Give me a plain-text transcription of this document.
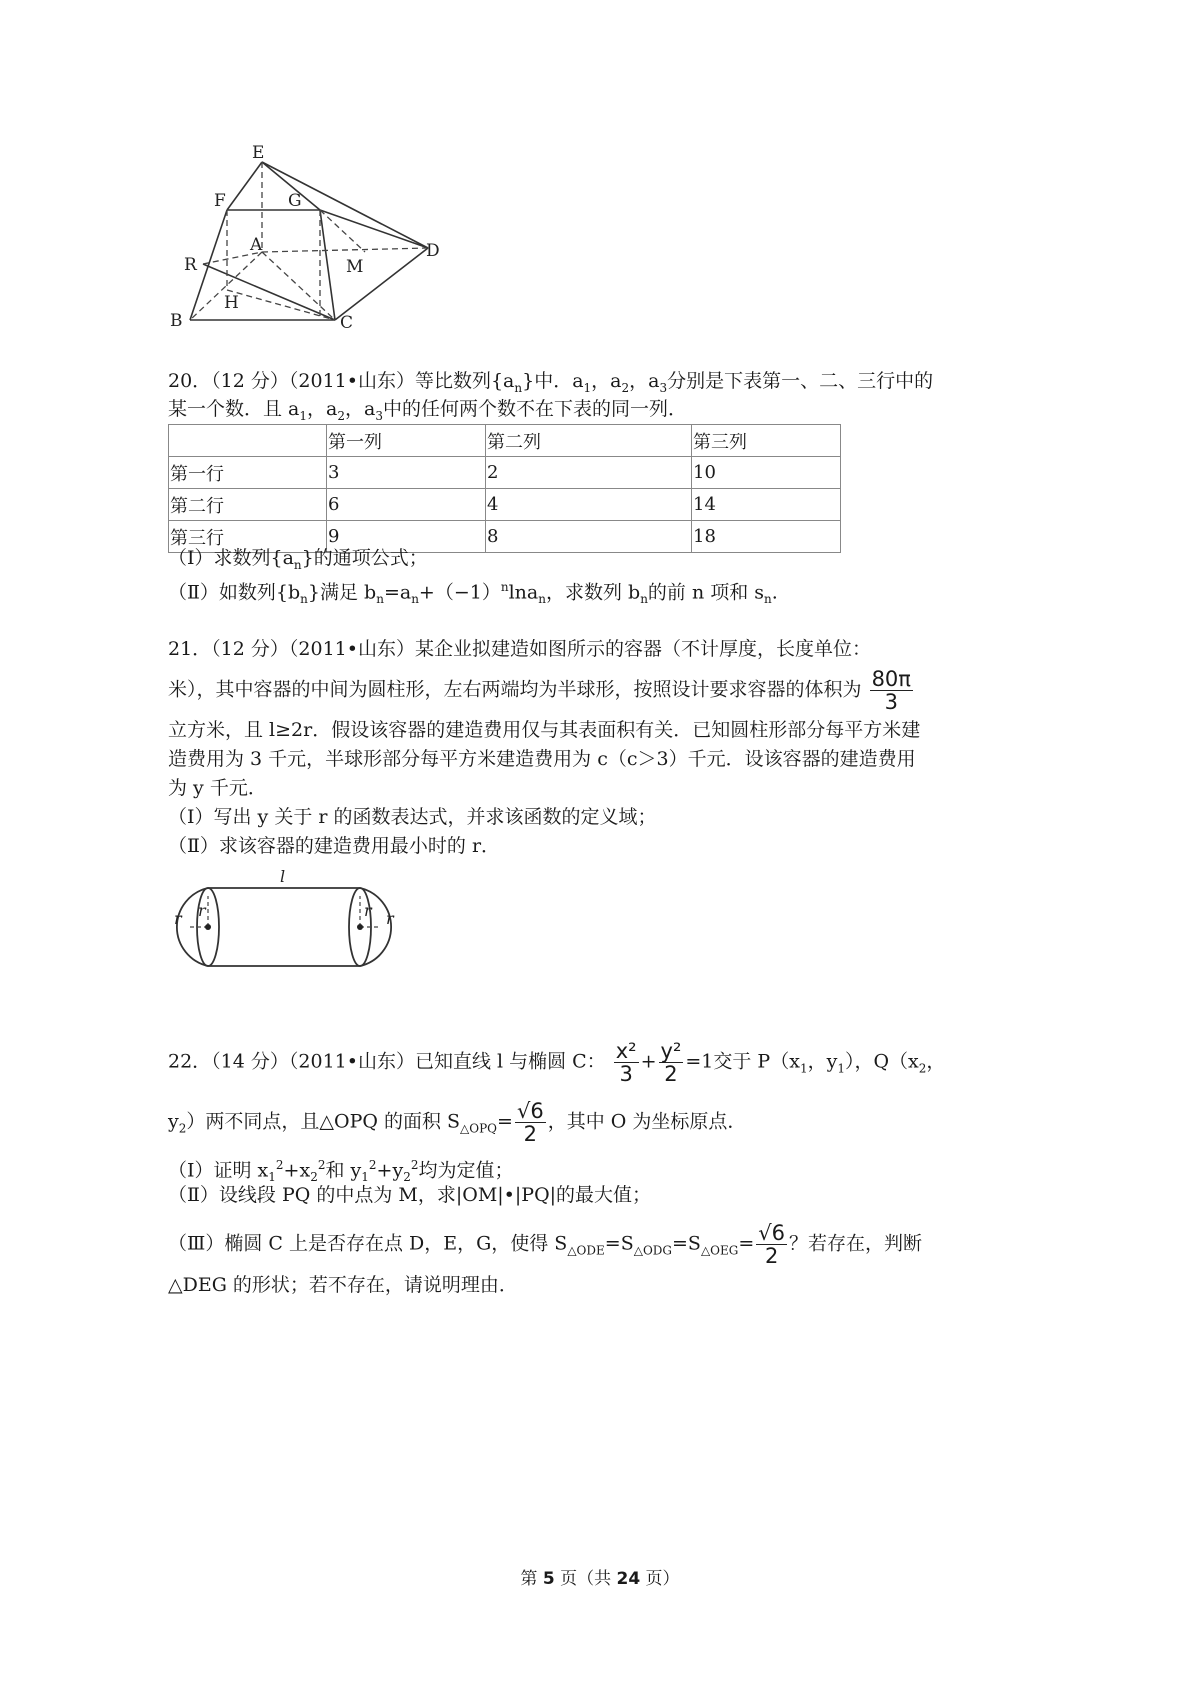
E
F	G
A	D
R	M
H
B	C
20．（12 分）（2011•山东）等比数列$\{a_n\}$中．$a_1$，$a_2$，$a_3$分别是下表第一、二、三行中的
某一个数．且 $a_1$，$a_2$，$a_3$中的任何两个数不在下表的同一列．
	第一列	第二列	第三列
第一行	3	2	10
第二行	6	4	14
第三行	9	8	18
（Ⅰ）求数列$\{a_n\}$的通项公式；
（Ⅱ）如数列$\{b_n\}$满足 $b_n=a_n+(-1)^n\ln a_n$，求数列 $b_n$的前 n 项和 $s_n$.
21．（12 分）（2011•山东）某企业拟建造如图所示的容器（不计厚度，长度单位：
米），其中容器的中间为圆柱形，左右两端均为半球形，按照设计要求容器的体积为 $\frac{80\pi}{3}$
立方米，且 l≥2r．假设该容器的建造费用仅与其表面积有关．已知圆柱形部分每平方米建
造费用为 3 千元，半球形部分每平方米建造费用为 c（c＞3）千元．设该容器的建造费用
为 y 千元．
（Ⅰ）写出 y 关于 r 的函数表达式，并求该函数的定义域；
（Ⅱ）求该容器的建造费用最小时的 r．
l
r r	r r
22．（14 分）（2011•山东）已知直线 l 与椭圆 C： $\frac{\text{x²}}{3} + \frac{\text{y²}}{2} =1$交于 $P(x_1$，$y_1$），$Q(x_2$，
$y_2$）两不同点，且△OPQ 的面积 $S_{\triangle OPQ}= \frac{√6}{2}$ ，其中 O 为坐标原点．
（Ⅰ）证明 $x_1^2+x_2^2$和 $y_1^2+y_2^2$均为定值；
（Ⅱ）设线段 PQ 的中点为 M，求|OM|•|PQ|的最大值；
（Ⅲ）椭圆 C 上是否存在点 D，E，G，使得 $S_{\triangle ODE}=S_{\triangle ODG}=S_{\triangle OEG}= \frac{√6}{2}$ ？若存在，判断
△DEG 的形状；若不存在，请说明理由．
第 5 页（共 24 页）
